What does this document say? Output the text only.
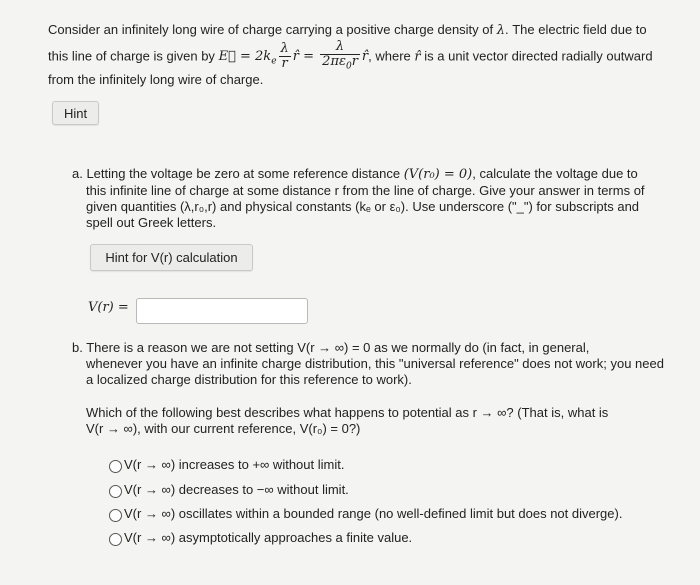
Consider an infinitely long wire of charge carrying a positive charge density of λ. The electric field due to
this line of charge is given by E⃗ = $2k_e \frac{\lambda}{r}$ r̂ = $\frac{\lambda}{2\pi\varepsilon_0r}$ r̂, where r̂ is a unit vector directed radially outward
from the infinitely long wire of charge.
Hint
a. Letting the voltage be zero at some reference distance (V(r₀) = 0), calculate the voltage due to
this infinite line of charge at some distance r from the line of charge. Give your answer in terms of
given quantities (λ,r₀,r) and physical constants (kₑ or ε₀). Use underscore ("_") for subscripts and
spell out Greek letters.
Hint for V(r) calculation
V(r) =
b. There is a reason we are not setting V(r → ∞) = 0 as we normally do (in fact, in general,
whenever you have an infinite charge distribution, this "universal reference" does not work; you need
a localized charge distribution for this reference to work).
Which of the following best describes what happens to potential as r → ∞? (That is, what is
V(r → ∞), with our current reference, V(r₀) = 0?)
V(r → ∞) increases to +∞ without limit.
V(r → ∞) decreases to −∞ without limit.
V(r → ∞) oscillates within a bounded range (no well-defined limit but does not diverge).
V(r → ∞) asymptotically approaches a finite value.
